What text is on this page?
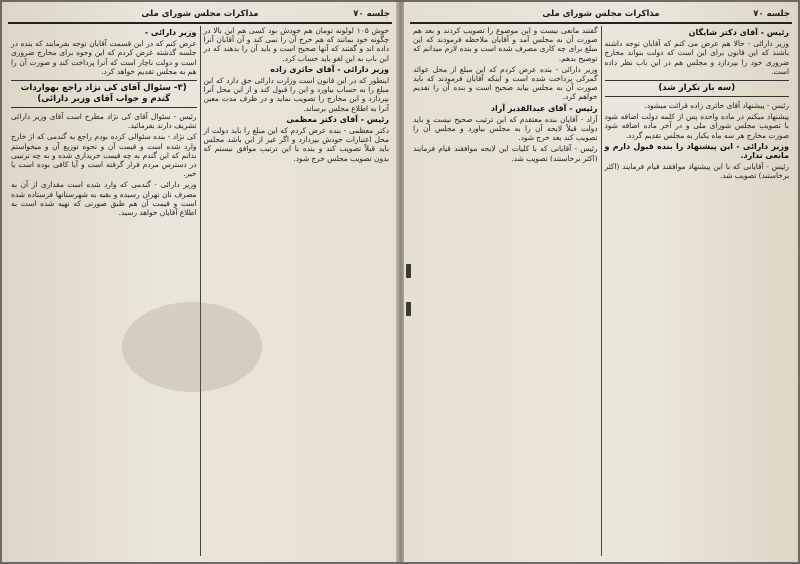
جلسه ۷۰
مذاکرات مجلس شورای ملی
خوش ۱۰۵ لولونه تومان هم خودش بود کسی هم این بالا در چگونه خود بمانند که هم خرج آن را نمی کند و آن آقایان آنرا داده اند و گفتند که آنها صحیح است و باید آن را بدهند که در این باب به این لغو باید حساب کرد.
وزیر دارائی - آقای حاثری زاده
اینطور که در این قانون است وزارت دارائی حق دارد که این مبلغ را به حساب بیاورد و این را قبول کند و از این محل آنرا بپردازد و این مخارج را تصویب نماید و در ظرف مدت معین آنرا به اطلاع مجلس برساند.
رئیس - آقای دکتر معظمی
دکتر معظمی - بنده عرض کردم که این مبلغ را باید دولت از محل اعتبارات خودش بپردازد و اگر غیر از این باشد مجلس باید قبلاً تصویب کند و بنده با این ترتیب موافق نیستم که بدون تصویب مجلس خرج شود.
وزیر دارائی -
عرض کنم که در این قسمت آقایان توجه بفرمایند که بنده در جلسه گذشته عرض کردم که این وجوه برای مخارج ضروری است و دولت ناچار است که آنرا پرداخت کند و صورت آن را هم به مجلس تقدیم خواهد کرد.
(۳- سئوال آقای کی نژاد راجع بهواردات گندم و جواب آقای وزیر دارائی)
رئیس - سئوال آقای کی نژاد مطرح است آقای وزیر دارائی تشریف دارند بفرمائید.
کی نژاد - بنده سئوالی کرده بودم راجع به گندمی که از خارج وارد شده است و قیمت آن و نحوه توزیع آن و میخواستم بدانم که این گندم به چه قیمت خریداری شده و به چه ترتیبی در دسترس مردم قرار گرفته است و آیا کافی بوده است یا خیر.
وزیر دارائی - گندمی که وارد شده است مقداری از آن به مصرف نان تهران رسیده و بقیه به شهرستانها فرستاده شده است و قیمت آن هم طبق صورتی که تهیه شده است به اطلاع آقایان خواهد رسید.
جلسه ۷۰
مذاکرات مجلس شورای ملی
رئیس - آقای دکتر شایگان
وزیر دارائی - حالا هم عرض می کنم که آقایان توجه داشته باشند که این قانون برای این است که دولت بتواند مخارج ضروری خود را بپردازد و مجلس هم در این باب نظر داده است.
(سه بار تکرار شد)
رئیس - پیشنهاد آقای حاثری زاده قرائت میشود.
پیشنهاد میکنم در ماده واحده پس از کلمه دولت اضافه شود با تصویب مجلس شورای ملی و در آخر ماده اضافه شود صورت مخارج هر سه ماه یکبار به مجلس تقدیم گردد.
وزیر دارائی - این پیشنهاد را بنده قبول دارم و مانعی ندارد.
رئیس - آقایانی که با این پیشنهاد موافقند قیام فرمایند (اکثر برخاستند) تصویب شد.
گفتند مانعی نیست و این موضوع را تصویب کردند و بعد هم صورت آن به مجلس آمد و آقایان ملاحظه فرمودند که این مبلغ برای چه کاری مصرف شده است و بنده لازم میدانم که توضیح بدهم.
وزیر دارائی - بنده عرض کردم که این مبلغ از محل عوائد گمرکی پرداخت شده است و اینکه آقایان فرمودند که باید صورت آن به مجلس بیاید صحیح است و بنده آن را تقدیم خواهم کرد.
رئیس - آقای عبدالقدیر آزاد
آزاد - آقایان بنده معتقدم که این ترتیب صحیح نیست و باید دولت قبلاً لایحه آن را به مجلس بیاورد و مجلس آن را تصویب کند بعد خرج شود.
رئیس - آقایانی که با کلیات این لایحه موافقند قیام فرمایند (اکثر برخاستند) تصویب شد.
